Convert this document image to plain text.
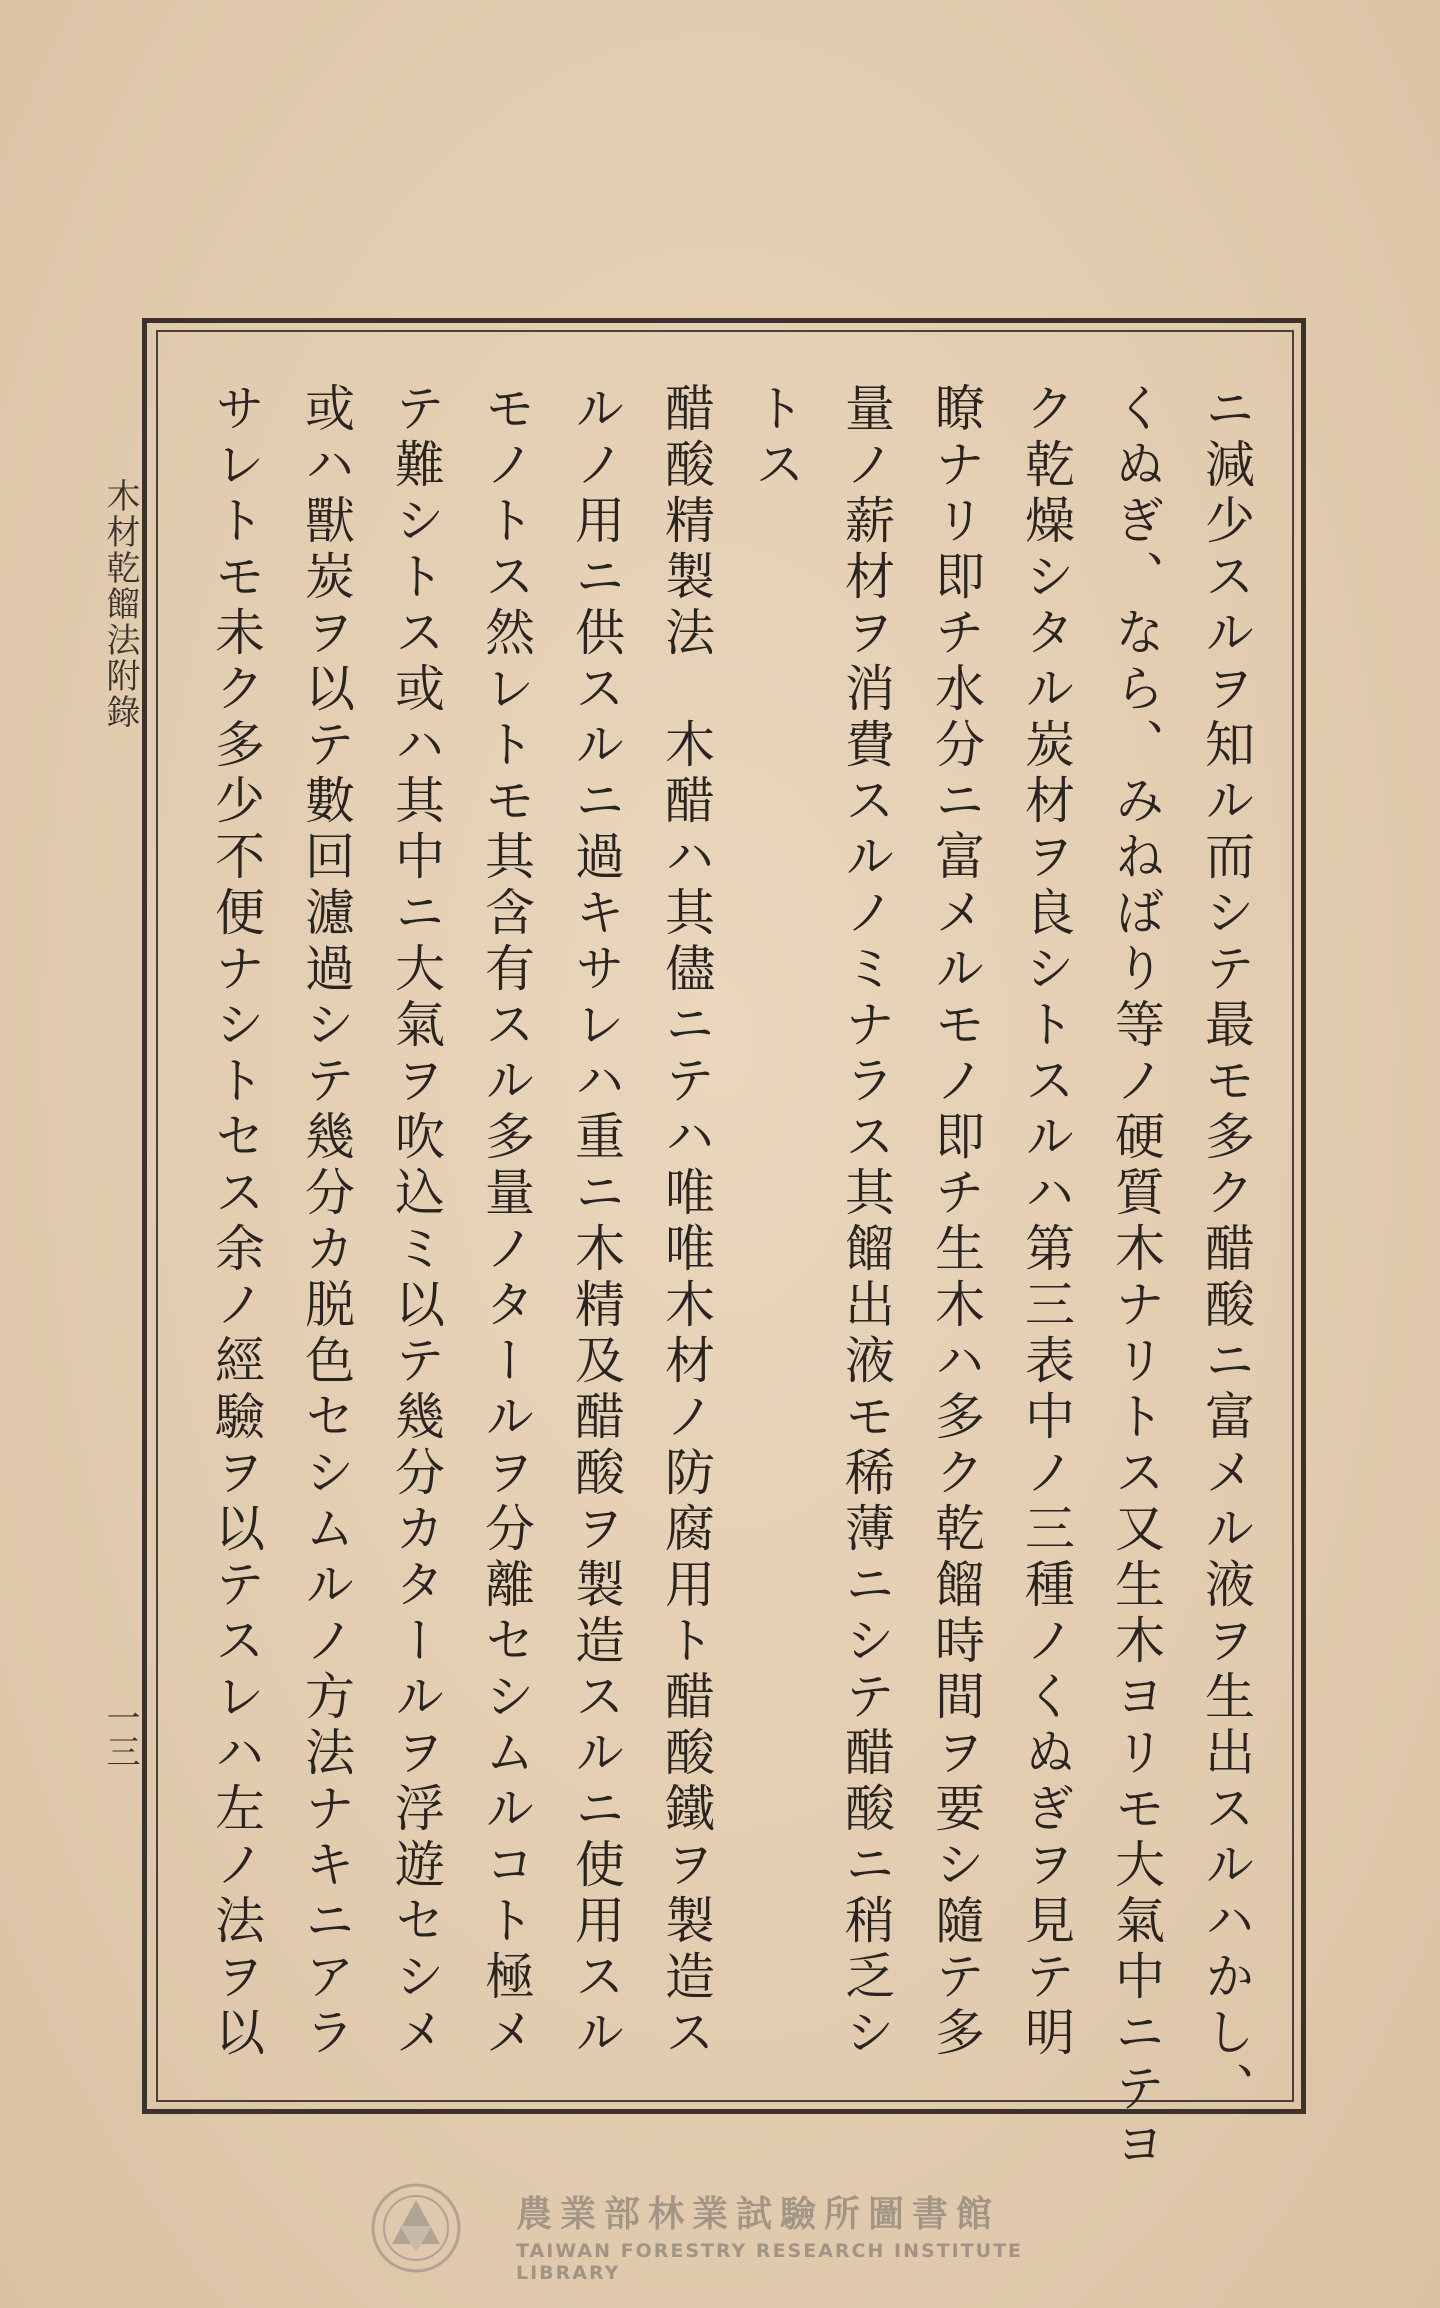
木材乾餾法附錄
一三	ニ減少スルヲ知ル而シテ最モ多ク醋酸ニ富メル液ヲ生出スルハかし、
くぬぎ、なら、みねばり等ノ硬質木ナリトス又生木ヨリモ大氣中ニテヨ
ク乾燥シタル炭材ヲ良シトスルハ第三表中ノ三種ノくぬぎヲ見テ明
瞭ナリ即チ水分ニ富メルモノ即チ生木ハ多ク乾餾時間ヲ要シ隨テ多
量ノ薪材ヲ消費スルノミナラス其餾出液モ稀薄ニシテ醋酸ニ稍乏シ
トス
醋酸精製法　木醋ハ其儘ニテハ唯唯木材ノ防腐用ト醋酸鐵ヲ製造ス
ルノ用ニ供スルニ過キサレハ重ニ木精及醋酸ヲ製造スルニ使用スル
モノトス然レトモ其含有スル多量ノタールヲ分離セシムルコト極メ
テ難シトス或ハ其中ニ大氣ヲ吹込ミ以テ幾分カタールヲ浮遊セシメ
或ハ獸炭ヲ以テ數回濾過シテ幾分カ脱色セシムルノ方法ナキニアラ
サレトモ未ク多少不便ナシトセス余ノ經驗ヲ以テスレハ左ノ法ヲ以
農業部林業試驗所圖書館
TAIWAN FORESTRY RESEARCH INSTITUTE LIBRARY
